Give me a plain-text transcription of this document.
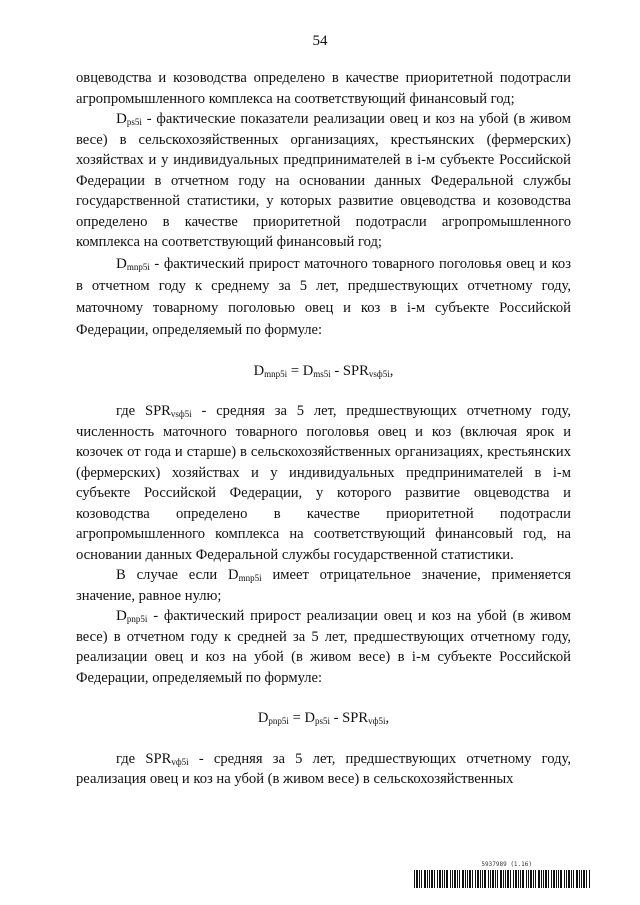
54

овцеводства и козоводства определено в качестве приоритетной подотрасли агропромышленного комплекса на соответствующий финансовый год;

$D_{ps5i}$ - фактические показатели реализации овец и коз на убой (в живом весе) в сельскохозяйственных организациях, крестьянских (фермерских) хозяйствах и у индивидуальных предпринимателей в i-м субъекте Российской Федерации в отчетном году на основании данных Федеральной службы государственной статистики, у которых развитие овцеводства и козоводства определено в качестве приоритетной подотрасли агропромышленного комплекса на соответствующий финансовый год;

$D_{mnp5i}$ - фактический прирост маточного товарного поголовья овец и коз в отчетном году к среднему за 5 лет, предшествующих отчетному году, маточному товарному поголовью овец и коз в i-м субъекте Российской Федерации, определяемый по формуле:

$D_{mnp5i} = D_{ms5i} - SPR_{vsф5i}$,

где $SPR_{vsф5i}$ - средняя за 5 лет, предшествующих отчетному году, численность маточного товарного поголовья овец и коз (включая ярок и козочек от года и старше) в сельскохозяйственных организациях, крестьянских (фермерских) хозяйствах и у индивидуальных предпринимателей в i-м субъекте Российской Федерации, у которого развитие овцеводства и козоводства определено в качестве приоритетной подотрасли агропромышленного комплекса на соответствующий финансовый год, на основании данных Федеральной службы государственной статистики.

В случае если $D_{mnp5i}$ имеет отрицательное значение, применяется значение, равное нулю;

$D_{pnp5i}$ - фактический прирост реализации овец и коз на убой (в живом весе) в отчетном году к средней за 5 лет, предшествующих отчетному году, реализации овец и коз на убой (в живом весе) в i-м субъекте Российской Федерации, определяемый по формуле:

$D_{pnp5i} = D_{ps5i} - SPR_{vф5i}$,

где $SPR_{vф5i}$ - средняя за 5 лет, предшествующих отчетному году, реализация овец и коз на убой (в живом весе) в сельскохозяйственных

5937989 (1.16)
